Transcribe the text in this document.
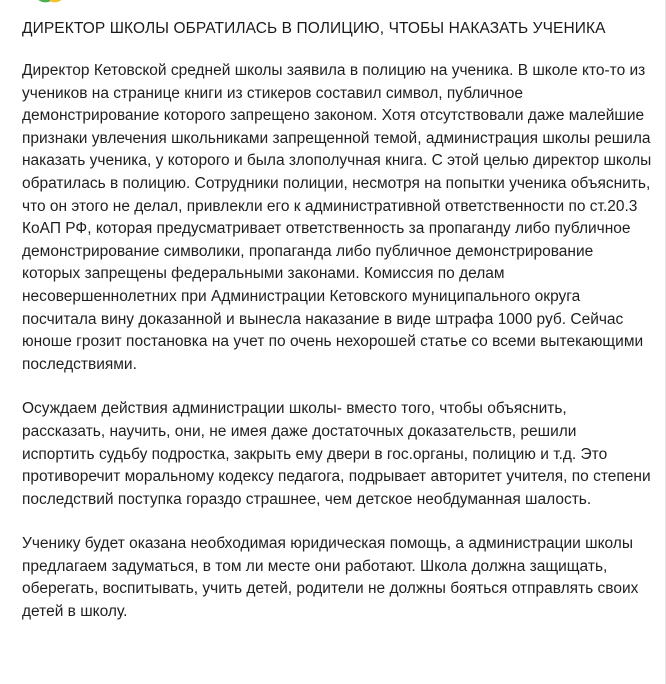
ДИРЕКТОР ШКОЛЫ ОБРАТИЛАСЬ В ПОЛИЦИЮ, ЧТОБЫ НАКАЗАТЬ УЧЕНИКА

Директор Кетовской средней школы заявила в полицию на ученика. В школе кто-то из учеников на странице книги из стикеров составил символ, публичное демонстрирование которого запрещено законом. Хотя отсутствовали даже малейшие признаки увлечения школьниками запрещенной темой, администрация школы решила наказать ученика, у которого и была злополучная книга. С этой целью директор школы обратилась в полицию. Сотрудники полиции, несмотря на попытки ученика объяснить, что он этого не делал, привлекли его к административной ответственности по ст.20.3 КоАП РФ, которая предусматривает ответственность за пропаганду либо публичное демонстрирование символики, пропаганда либо публичное демонстрирование которых запрещены федеральными законами. Комиссия по делам несовершеннолетних при Администрации Кетовского муниципального округа посчитала вину доказанной и вынесла наказание в виде штрафа 1000 руб. Сейчас юноше грозит постановка на учет по очень нехорошей статье со всеми вытекающими последствиями.

Осуждаем действия администрации школы- вместо того, чтобы объяснить, рассказать, научить, они, не имея даже достаточных доказательств, решили испортить судьбу подростка, закрыть ему двери в гос.органы, полицию и т.д. Это противоречит моральному кодексу педагога, подрывает авторитет учителя, по степени последствий поступка гораздо страшнее, чем детское необдуманная шалость.

Ученику будет оказана необходимая юридическая помощь, а администрации школы предлагаем задуматься, в том ли месте они работают. Школа должна защищать, оберегать, воспитывать, учить детей, родители не должны бояться отправлять своих детей в школу.
